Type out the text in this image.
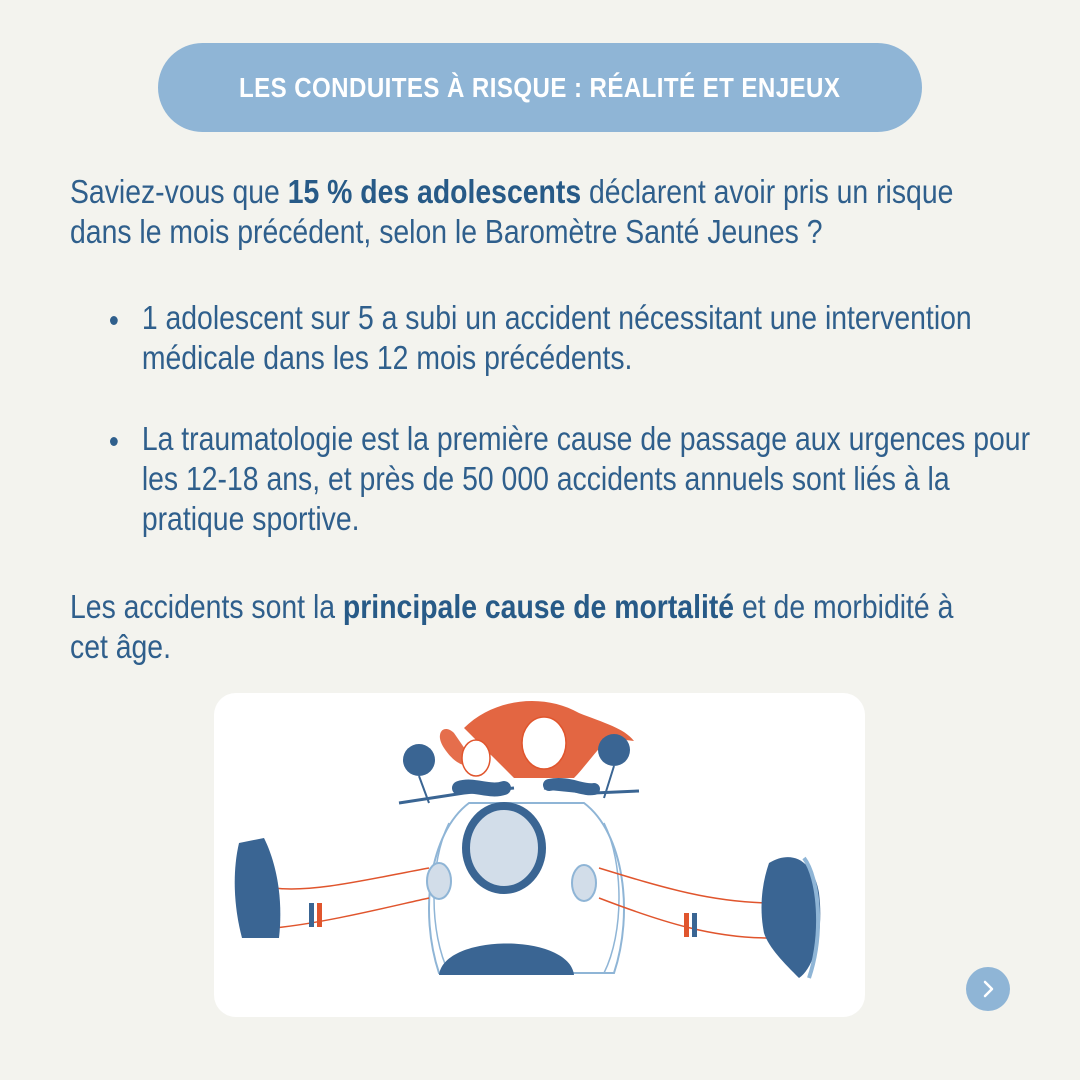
LES CONDUITES À RISQUE : RÉALITÉ ET ENJEUX
Saviez-vous que 15 % des adolescents déclarent avoir pris un risque dans le mois précédent, selon le Baromètre Santé Jeunes ?
1 adolescent sur 5 a subi un accident nécessitant une intervention médicale dans les 12 mois précédents.
La traumatologie est la première cause de passage aux urgences pour les 12-18 ans, et près de 50 000 accidents annuels sont liés à la pratique sportive.
Les accidents sont la principale cause de mortalité et de morbidité à cet âge.
